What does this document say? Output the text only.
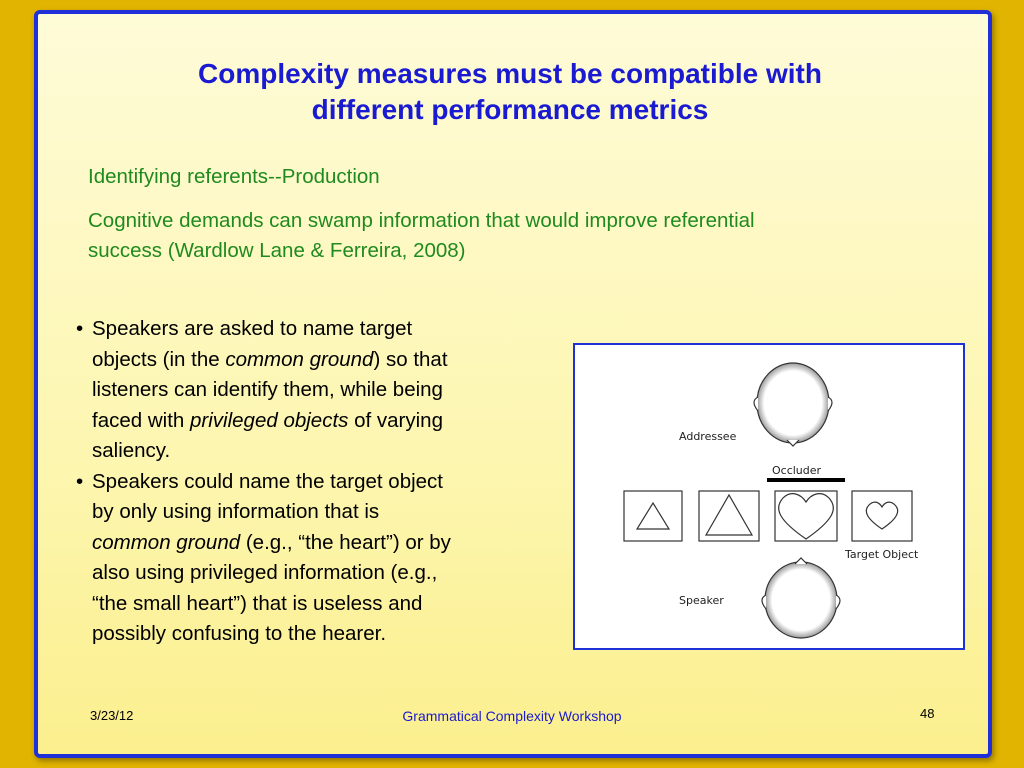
Complexity measures must be compatible with
different performance metrics
Identifying referents--Production
Cognitive demands can swamp information that would improve referential
success (Wardlow Lane & Ferreira, 2008)
• Speakers are asked to name target
objects (in the common ground) so that
listeners can identify them, while being
faced with privileged objects of varying
saliency.
• Speakers could name the target object
by only using information that is
common ground (e.g., “the heart”) or by
also using privileged information (e.g.,
“the small heart”) that is useless and
possibly confusing to the hearer.
Addressee
Occluder
Target Object
Speaker
3/23/12	Grammatical Complexity Workshop	48
